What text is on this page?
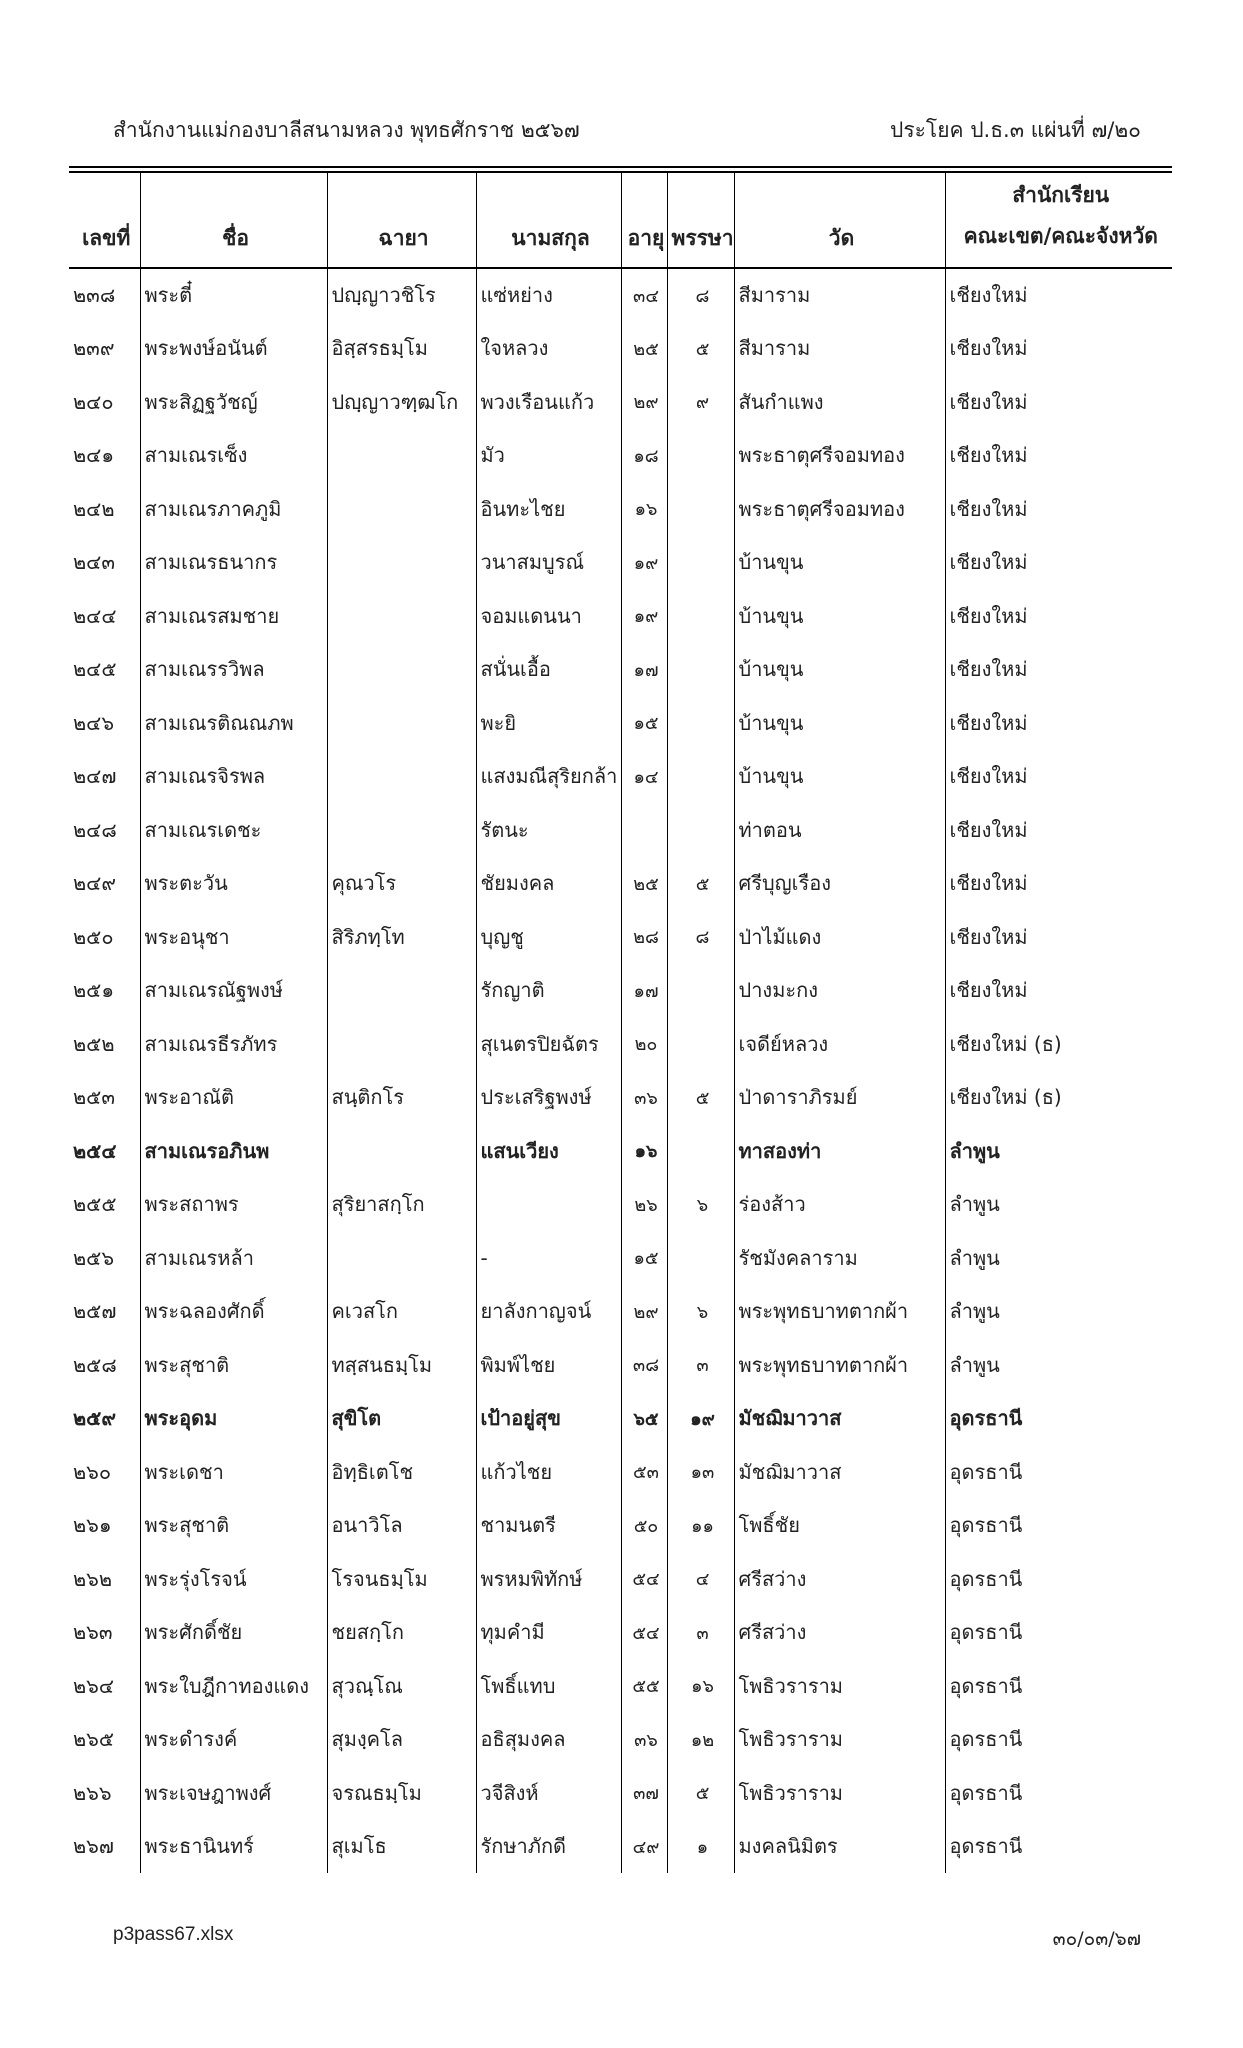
สำนักงานแม่กองบาลีสนามหลวง พุทธศักราช ๒๕๖๗	ประโยค ป.ธ.๓ แผ่นที่ ๗/๒๐
เลขที่	ชื่อ	ฉายา	นามสกุล	อายุ	พรรษา	วัด	สำนักเรียน
คณะเขต/คณะจังหวัด
๒๓๘	พระตี๋	ปญฺญาวชิโร	แซ่หย่าง	๓๔	๘	สีมาราม	เชียงใหม่
๒๓๙	พระพงษ์อนันต์	อิสฺสรธมฺโม	ใจหลวง	๒๕	๕	สีมาราม	เชียงใหม่
๒๔๐	พระสิฏฐวัชญ์	ปญฺญาวฑฺฒโก	พวงเรือนแก้ว	๒๙	๙	สันกำแพง	เชียงใหม่
๒๔๑	สามเณรเซ็ง		มัว	๑๘		พระธาตุศรีจอมทอง	เชียงใหม่
๒๔๒	สามเณรภาคภูมิ		อินทะไชย	๑๖		พระธาตุศรีจอมทอง	เชียงใหม่
๒๔๓	สามเณรธนากร		วนาสมบูรณ์	๑๙		บ้านขุน	เชียงใหม่
๒๔๔	สามเณรสมชาย		จอมแดนนา	๑๙		บ้านขุน	เชียงใหม่
๒๔๕	สามเณรรวิพล		สนั่นเอื้อ	๑๗		บ้านขุน	เชียงใหม่
๒๔๖	สามเณรติณณภพ		พะยิ	๑๕		บ้านขุน	เชียงใหม่
๒๔๗	สามเณรจิรพล		แสงมณีสุริยกล้า	๑๔		บ้านขุน	เชียงใหม่
๒๔๘	สามเณรเดชะ		รัตนะ			ท่าตอน	เชียงใหม่
๒๔๙	พระตะวัน	คุณวโร	ชัยมงคล	๒๕	๕	ศรีบุญเรือง	เชียงใหม่
๒๕๐	พระอนุชา	สิริภทฺโท	บุญชู	๒๘	๘	ป่าไม้แดง	เชียงใหม่
๒๕๑	สามเณรณัฐพงษ์		รักญาติ	๑๗		ปางมะกง	เชียงใหม่
๒๕๒	สามเณรธีรภัทร		สุเนตรปิยฉัตร	๒๐		เจดีย์หลวง	เชียงใหม่ (ธ)
๒๕๓	พระอาณัติ	สนฺติกโร	ประเสริฐพงษ์	๓๖	๕	ป่าดาราภิรมย์	เชียงใหม่ (ธ)
๒๕๔	สามเณรอภินพ		แสนเวียง	๑๖		ทาสองท่า	ลำพูน
๒๕๕	พระสถาพร	สุริยาสกฺโก		๒๖	๖	ร่องส้าว	ลำพูน
๒๕๖	สามเณรหล้า		-	๑๕		รัชมังคลาราม	ลำพูน
๒๕๗	พระฉลองศักดิ์	คเวสโก	ยาลังกาญจน์	๒๙	๖	พระพุทธบาทตากผ้า	ลำพูน
๒๕๘	พระสุชาติ	ทสฺสนธมฺโม	พิมพ์ไชย	๓๘	๓	พระพุทธบาทตากผ้า	ลำพูน
๒๕๙	พระอุดม	สุขิโต	เป้าอยู่สุข	๖๕	๑๙	มัชฌิมาวาส	อุดรธานี
๒๖๐	พระเดชา	อิทฺธิเตโช	แก้วไชย	๕๓	๑๓	มัชฌิมาวาส	อุดรธานี
๒๖๑	พระสุชาติ	อนาวิโล	ชามนตรี	๕๐	๑๑	โพธิ์ชัย	อุดรธานี
๒๖๒	พระรุ่งโรจน์	โรจนธมฺโม	พรหมพิทักษ์	๕๔	๔	ศรีสว่าง	อุดรธานี
๒๖๓	พระศักดิ์ชัย	ชยสกฺโก	ทุมคำมี	๕๔	๓	ศรีสว่าง	อุดรธานี
๒๖๔	พระใบฎีกาทองแดง	สุวณฺโณ	โพธิ์แทบ	๕๕	๑๖	โพธิวราราม	อุดรธานี
๒๖๕	พระดำรงค์	สุมงฺคโล	อธิสุมงคล	๓๖	๑๒	โพธิวราราม	อุดรธานี
๒๖๖	พระเจษฎาพงศ์	จรณธมฺโม	วจีสิงห์	๓๗	๕	โพธิวราราม	อุดรธานี
๒๖๗	พระธานินทร์	สุเมโธ	รักษาภักดี	๔๙	๑	มงคลนิมิตร	อุดรธานี
p3pass67.xlsx	๓๐/๐๓/๖๗
